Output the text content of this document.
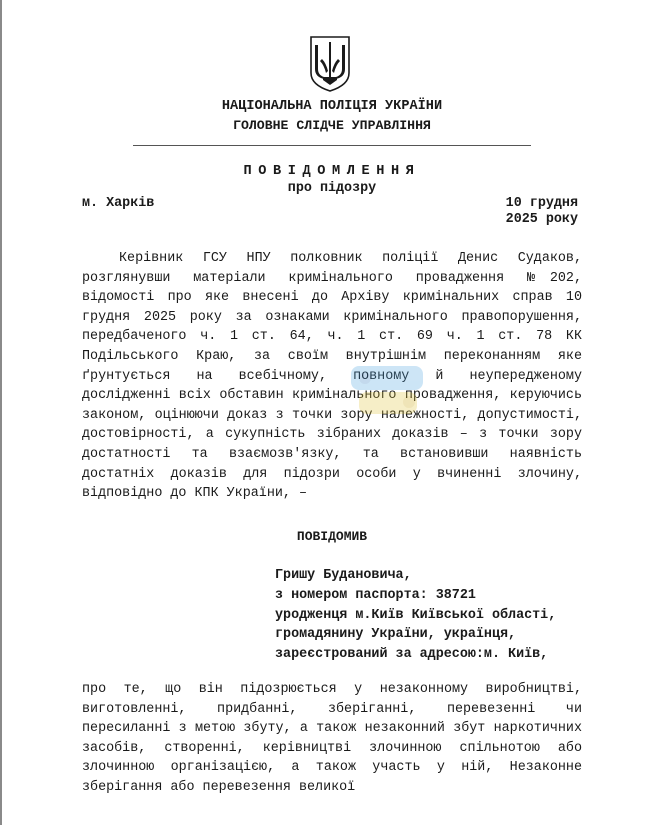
НАЦІОНАЛЬНА ПОЛІЦІЯ УКРАЇНИ
ГОЛОВНЕ СЛІДЧЕ УПРАВЛІННЯ
ПОВІДОМЛЕННЯ
про підозру
м. Харків	10 грудня
2025 року

Керівник ГСУ НПУ полковник поліції Денис Судаков, розглянувши матеріали кримінального провадження №202, відомості про яке внесені до Архіву кримінальних справ 10 грудня 2025 року за ознаками кримінального правопорушення, передбаченого ч. 1 ст. 64, ч. 1 ст. 69 ч. 1 ст. 78 КК Подільського Краю, за своїм внутрішнім переконанням яке ґрунтується на всебічному, повному й неупередженому дослідженні всіх обставин кримінального провадження, керуючись законом, оцінюючи доказ з точки зору належності, допустимості, достовірності, а сукупність зібраних доказів – з точки зору достатності та взаємозв'язку, та встановивши наявність достатніх доказів для підозри особи у вчиненні злочину, відповідно до КПК України, –

ПОВІДОМИВ
Гришу Будановича,
з номером паспорта: 38721
уродженця м.Київ Київської області,
громадянину України, українця,
зареєстрований за адресою:м. Київ,

про те, що він підозрюється у незаконному виробництві, виготовленні, придбанні, зберіганні, перевезенні чи пересиланні з метою збуту, а також незаконний збут наркотичних засобів, створенні, керівництві злочинною спільнотою або злочинною організацією, а також участь у ній, Незаконне зберігання або перевезення великої
